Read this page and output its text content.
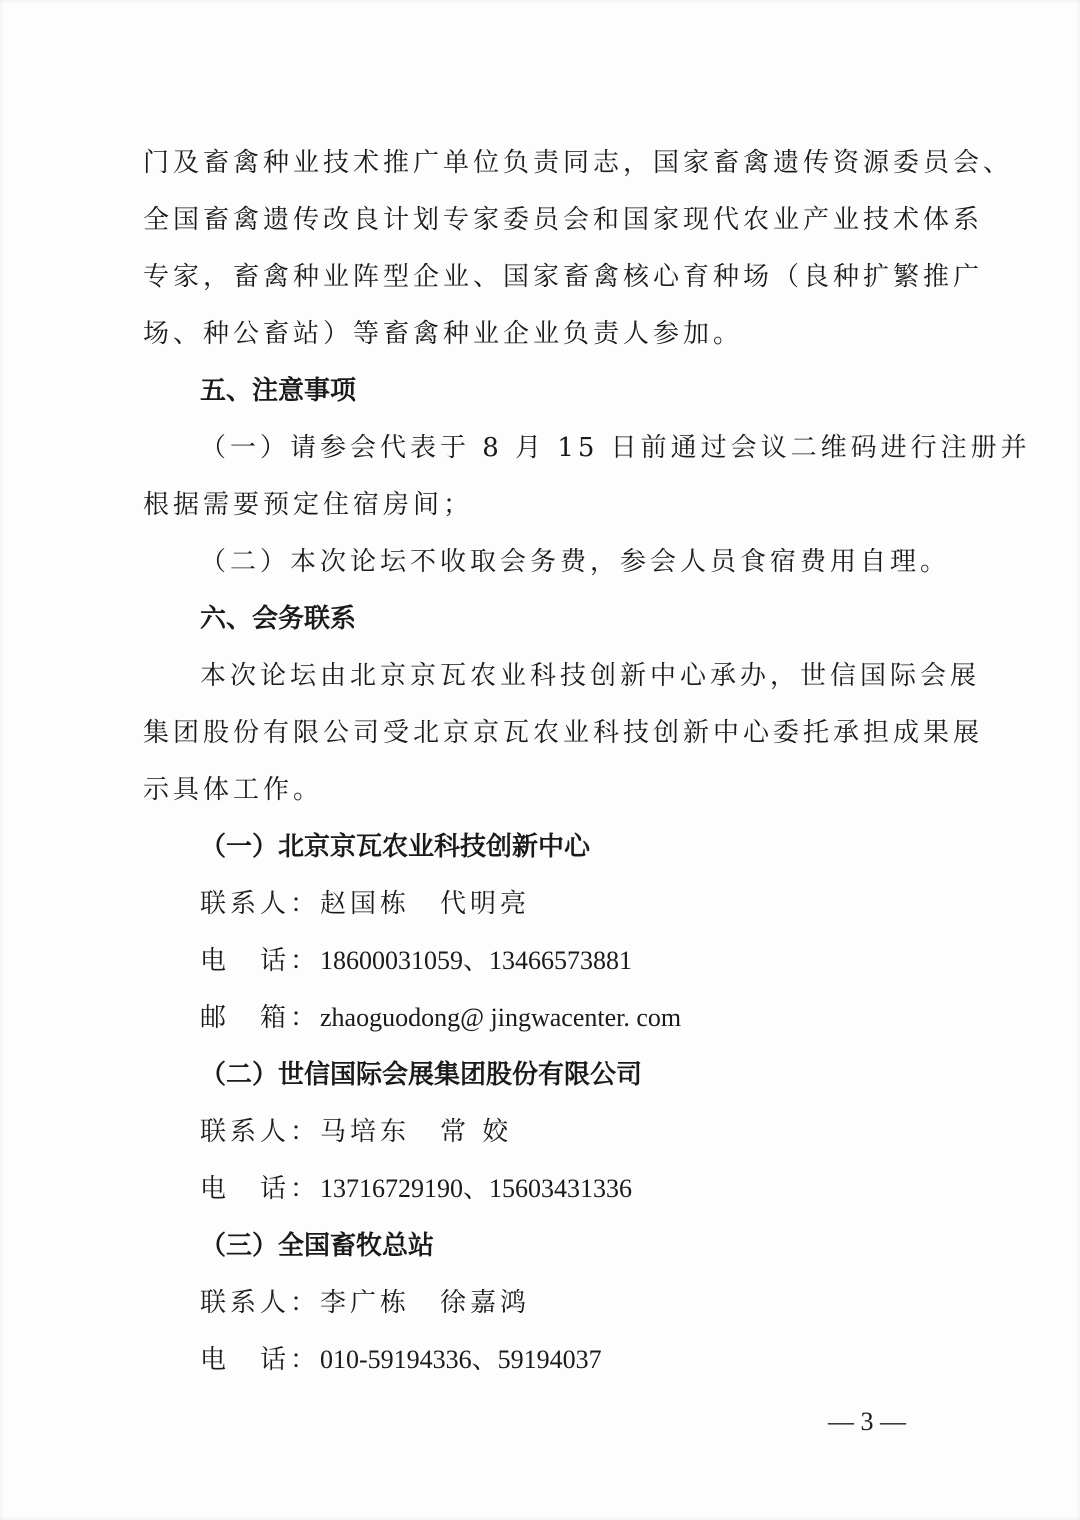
门及畜禽种业技术推广单位负责同志，国家畜禽遗传资源委员会、
全国畜禽遗传改良计划专家委员会和国家现代农业产业技术体系
专家，畜禽种业阵型企业、国家畜禽核心育种场（良种扩繁推广
场、种公畜站）等畜禽种业企业负责人参加。
五、注意事项
（一）请参会代表于 8 月 15 日前通过会议二维码进行注册并
根据需要预定住宿房间；
（二）本次论坛不收取会务费，参会人员食宿费用自理。
六、会务联系
本次论坛由北京京瓦农业科技创新中心承办，世信国际会展
集团股份有限公司受北京京瓦农业科技创新中心委托承担成果展
示具体工作。
（一）北京京瓦农业科技创新中心
联系人：赵国栋　代明亮
电　话：18600031059、13466573881
邮　箱：zhaoguodong@ jingwacenter. com
（二）世信国际会展集团股份有限公司
联系人：马培东　常 姣
电　话：13716729190、15603431336
（三）全国畜牧总站
联系人：李广栋　徐嘉鸿
电　话：010-59194336、59194037
— 3 —
